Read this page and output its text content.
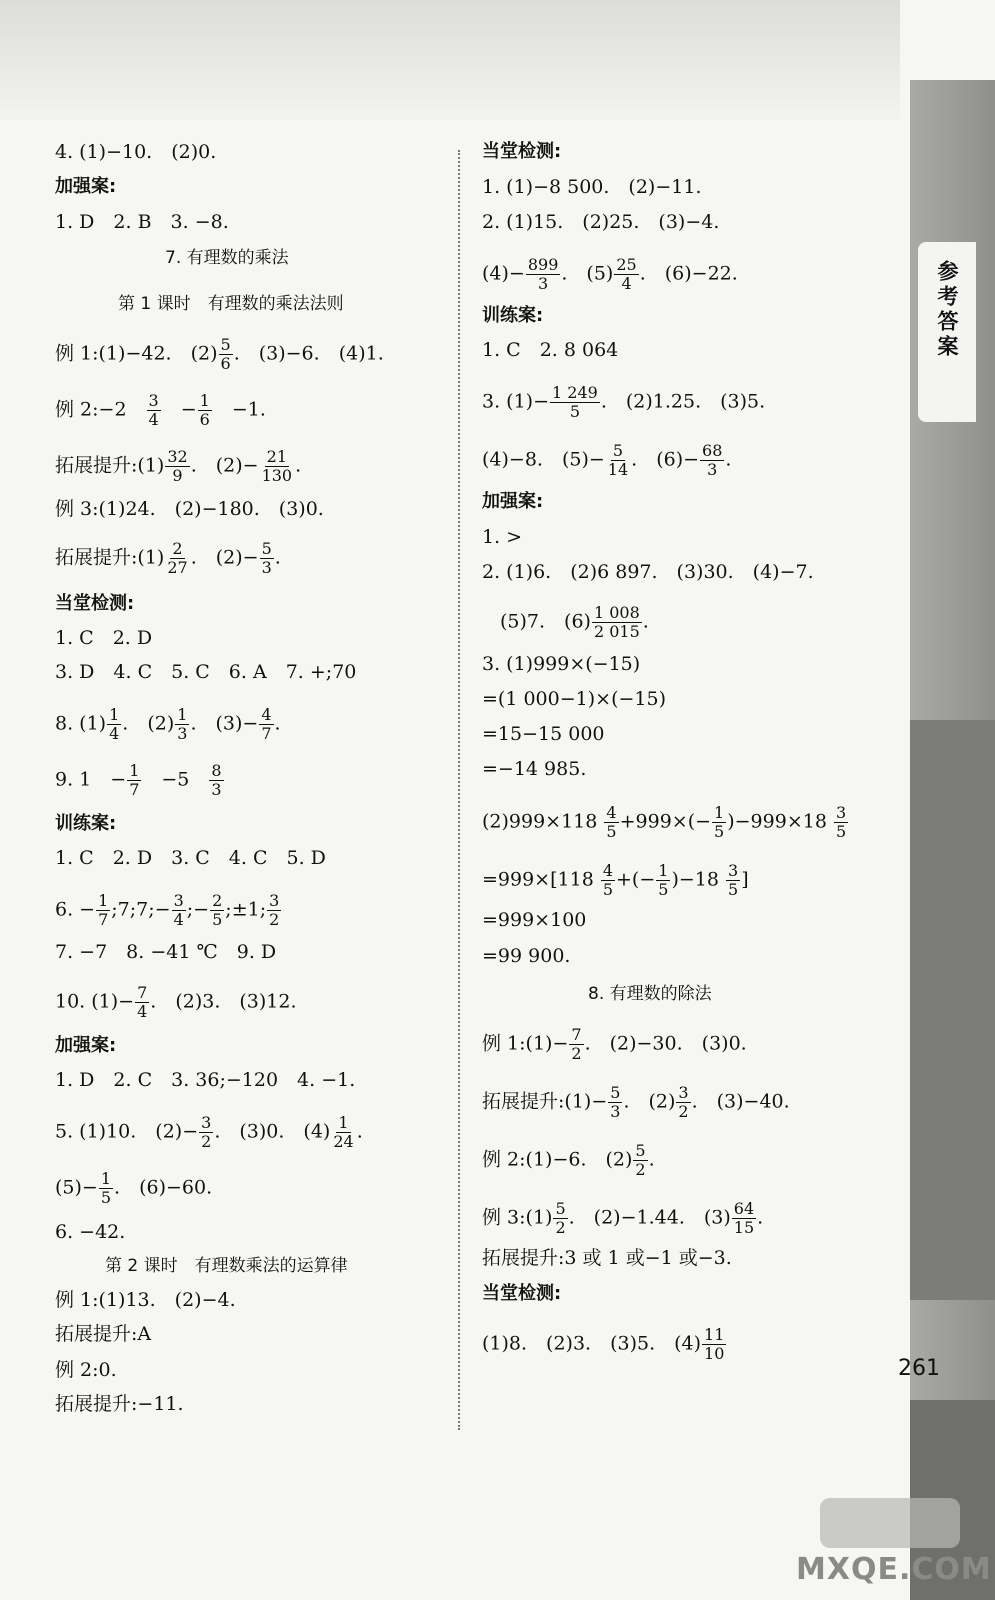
4. (1)−10.　(2)0.
加强案:
1. D　2. B　3. −8.
7. 有理数的乘法
第 1 课时　有理数的乘法法则
例 1:(1)−42.　$(2) \frac{5}{6}$ .　(3)−6.　(4)1.
例 2:−2　 $\frac{3}{4}$ 　− $\frac{1}{6}$ 　−1.
拓展提升:(1) $\frac{32}{9}$ .　$(2)- \frac{21}{130}$ .
例 3:(1)24.　(2)−180.　(3)0.
拓展提升:(1) $\frac{2}{27}$ .　$(2)- \frac{5}{3}$ .
当堂检测:
1. C　2. D
3. D　4. C　5. C　6. A　7. +;70
8. $(1) \frac{1}{4}$ .　$(2) \frac{1}{3}$ .　$(3)- \frac{4}{7}$ .
9. 1　− $\frac{1}{7}$ 　−5　 $\frac{8}{3}$
训练案:
1. C　2. D　3. C　4. C　5. D
6. − $\frac{1}{7}$ ;7;7;− $\frac{3}{4}$ ;− $\frac{2}{5}$ ;±1; $\frac{3}{2}$
7. −7　8. −41 ℃　9. D
10. $(1)- \frac{7}{4}$ .　(2)3.　(3)12.
加强案:
1. D　2. C　3. 36;−120　4. −1.
5. (1)10.　$(2)- \frac{3}{2}$ .　(3)0.　$(4) \frac{1}{24}$ .
$(5)- \frac{1}{5}$ .　(6)−60.
6. −42.
第 2 课时　有理数乘法的运算律
例 1:(1)13.　(2)−4.
拓展提升:A
例 2:0.
拓展提升:−11.
当堂检测:
1. (1)−8 500.　(2)−11.
2. (1)15.　(2)25.　(3)−4.
$(4)- \frac{899}{3}$ .　$(5) \frac{25}{4}$ .　(6)−22.
训练案:
1. C　2. 8 064
3. $(1)- \frac{1 249}{5}$ .　(2)1.25.　(3)5.
(4)−8.　$(5)- \frac{5}{14}$ .　$(6)- \frac{68}{3}$ .
加强案:
1. >
2. (1)6.　(2)6 897.　(3)30.　(4)−7.
(5)7.　$(6) \frac{1 008}{2 015}$ .
3. (1)999×(−15)
=(1 000−1)×(−15)
=15−15 000
=−14 985.
$(2)999\times 118 \frac{4}{5} +999\times(- \frac{1}{5} )-999\times 18 \frac{3}{5}$
$=999\times[118 \frac{4}{5}$ +(− $\frac{1}{5} )-18 \frac{3}{5}$ ]
=999×100
=99 900.
8. 有理数的除法
例 1:(1)− $\frac{7}{2}$ .　(2)−30.　(3)0.
拓展提升:(1)− $\frac{5}{3}$ .　$(2) \frac{3}{2}$ .　(3)−40.
例 2:(1)−6.　$(2) \frac{5}{2}$ .
例 3:(1) $\frac{5}{2}$ .　(2)−1.44.　$(3) \frac{64}{15}$ .
拓展提升:3 或 1 或−1 或−3.
当堂检测:
(1)8.　(2)3.　(3)5.　$(4) \frac{11}{10}$
参考答案
261
MXQE.COM
